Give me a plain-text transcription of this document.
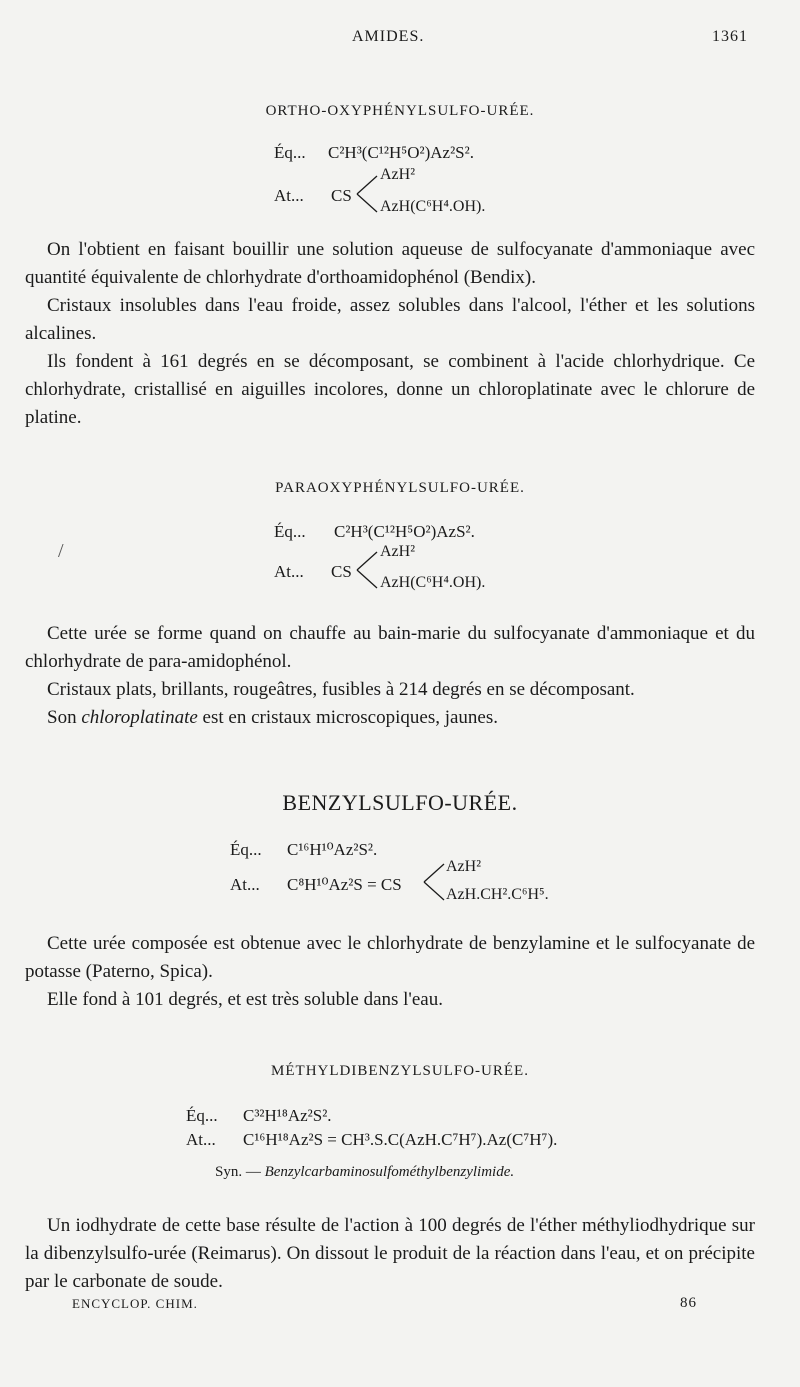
AMIDES.	1361
ORTHO-OXYPHÉNYLSULFO-URÉE.
Éq... C²H³(C¹²H⁵O²)Az²S².
At... CS
AzH²
AzH(C⁶H⁴.OH).

On l'obtient en faisant bouillir une solution aqueuse de sulfocyanate d'ammoniaque avec quantité équivalente de chlorhydrate d'orthoamidophénol (Bendix).

Cristaux insolubles dans l'eau froide, assez solubles dans l'alcool, l'éther et les solutions alcalines.

Ils fondent à 161 degrés en se décomposant, se combinent à l'acide chlorhydrique. Ce chlorhydrate, cristallisé en aiguilles incolores, donne un chloroplatinate avec le chlorure de platine.

PARAOXYPHÉNYLSULFO-URÉE.
Éq... C²H³(C¹²H⁵O²)AzS².
/
At... CS
AzH²
AzH(C⁶H⁴.OH).

Cette urée se forme quand on chauffe au bain-marie du sulfocyanate d'ammoniaque et du chlorhydrate de para-amidophénol.

Cristaux plats, brillants, rougeâtres, fusibles à 214 degrés en se décomposant.

Son chloroplatinate est en cristaux microscopiques, jaunes.

BENZYLSULFO-URÉE.
Éq... C¹⁶H¹⁰Az²S².
At... C⁸H¹⁰Az²S = CS
AzH²
AzH.CH².C⁶H⁵.

Cette urée composée est obtenue avec le chlorhydrate de benzylamine et le sulfocyanate de potasse (Paterno, Spica).

Elle fond à 101 degrés, et est très soluble dans l'eau.

MÉTHYLDIBENZYLSULFO-URÉE.
Éq... C³²H¹⁸Az²S².
At... C¹⁶H¹⁸Az²S = CH³.S.C(AzH.C⁷H⁷).Az(C⁷H⁷).
Syn. — Benzylcarbaminosulfométhylbenzylimide.

Un iodhydrate de cette base résulte de l'action à 100 degrés de l'éther méthyliodhydrique sur la dibenzylsulfo-urée (Reimarus). On dissout le produit de la réaction dans l'eau, et on précipite par le carbonate de soude.

ENCYCLOP. CHIM.	86
